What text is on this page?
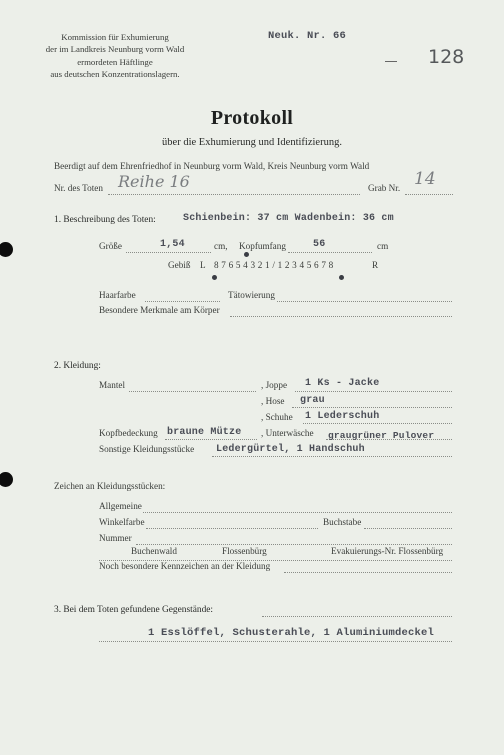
Kommission für Exhumierung
der im Landkreis Neunburg vorm Wald
ermordeten Häftlinge
aus deutschen Konzentrationslagern.
Neuk. Nr. 66
128
Protokoll
über die Exhumierung und Identifizierung.
Beerdigt auf dem Ehrenfriedhof in Neunburg vorm Wald, Kreis Neunburg vorm Wald
Nr. des Toten Reihe 16	Grab Nr. 14
1. Beschreibung des Toten:	Schienbein: 37 cm Wadenbein: 36 cm
Größe	1,54	cm, Kopfumfang	56	cm
Gebiß L 8 7 6 5 4 3 2 1 / 1 2 3 4 5 6 7 8	R
Haarfarbe	Tätowierung
Besondere Merkmale am Körper
2. Kleidung:
Mantel	, Joppe 1 Ks - Jacke
, Hose grau
, Schuhe 1 Lederschuh
Kopfbedeckung braune Mütze , Unterwäsche graugrüner Pulover
Sonstige Kleidungsstücke Ledergürtel, 1 Handschuh
Zeichen an Kleidungsstücken:
Allgemeine
Winkelfarbe	Buchstabe
Nummer
Buchenwald	Flossenbürg	Evakuierungs-Nr. Flossenbürg
Noch besondere Kennzeichen an der Kleidung
3. Bei dem Toten gefundene Gegenstände:
1 Esslöffel, Schusterahle, 1 Aluminiumdeckel
